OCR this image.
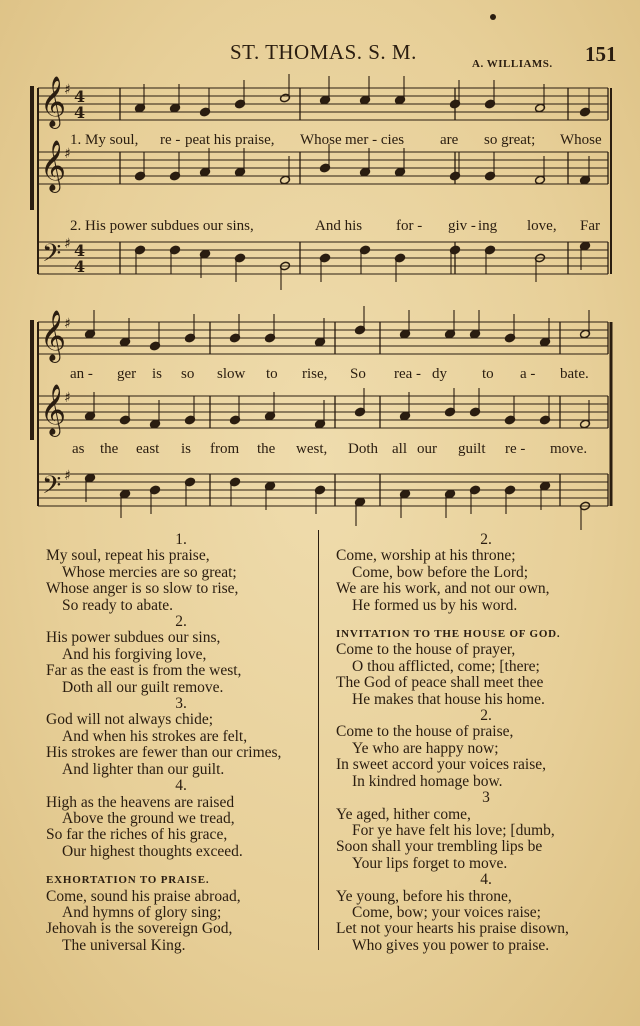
ST. THOMAS. S. M.	A. WILLIAMS. 151
𝄞
♯ 4
4
𝄞
♯
𝄢 ♯ 4
4
𝄞
♯
𝄞
♯
𝄢 ♯
1. My soul, re - peat his praise, Whose mer - cies are so great; Whose
2. His power subdues our sins,	And his for - giv - ing love, Far
an - ger is so slow to rise, So rea - dy to a - bate.
as the east is from the west, Doth all our guilt re - move.
1.
My soul, repeat his praise,
Whose mercies are so great;
Whose anger is so slow to rise,
So ready to abate.
2.
His power subdues our sins,
And his forgiving love,
Far as the east is from the west,
Doth all our guilt remove.
3.
God will not always chide;
And when his strokes are felt,
His strokes are fewer than our crimes,
And lighter than our guilt.
4.
High as the heavens are raised
Above the ground we tread,
So far the riches of his grace,
Our highest thoughts exceed.
EXHORTATION TO PRAISE.
Come, sound his praise abroad,
And hymns of glory sing;
Jehovah is the sovereign God,
The universal King.
2.
Come, worship at his throne;
Come, bow before the Lord;
We are his work, and not our own,
He formed us by his word.
INVITATION TO THE HOUSE OF GOD.
Come to the house of prayer,
O thou afflicted, come; [there;
The God of peace shall meet thee
He makes that house his home.
2.
Come to the house of praise,
Ye who are happy now;
In sweet accord your voices raise,
In kindred homage bow.
3
Ye aged, hither come,
For ye have felt his love; [dumb,
Soon shall your trembling lips be
Your lips forget to move.
4.
Ye young, before his throne,
Come, bow; your voices raise;
Let not your hearts his praise disown,
Who gives you power to praise.
